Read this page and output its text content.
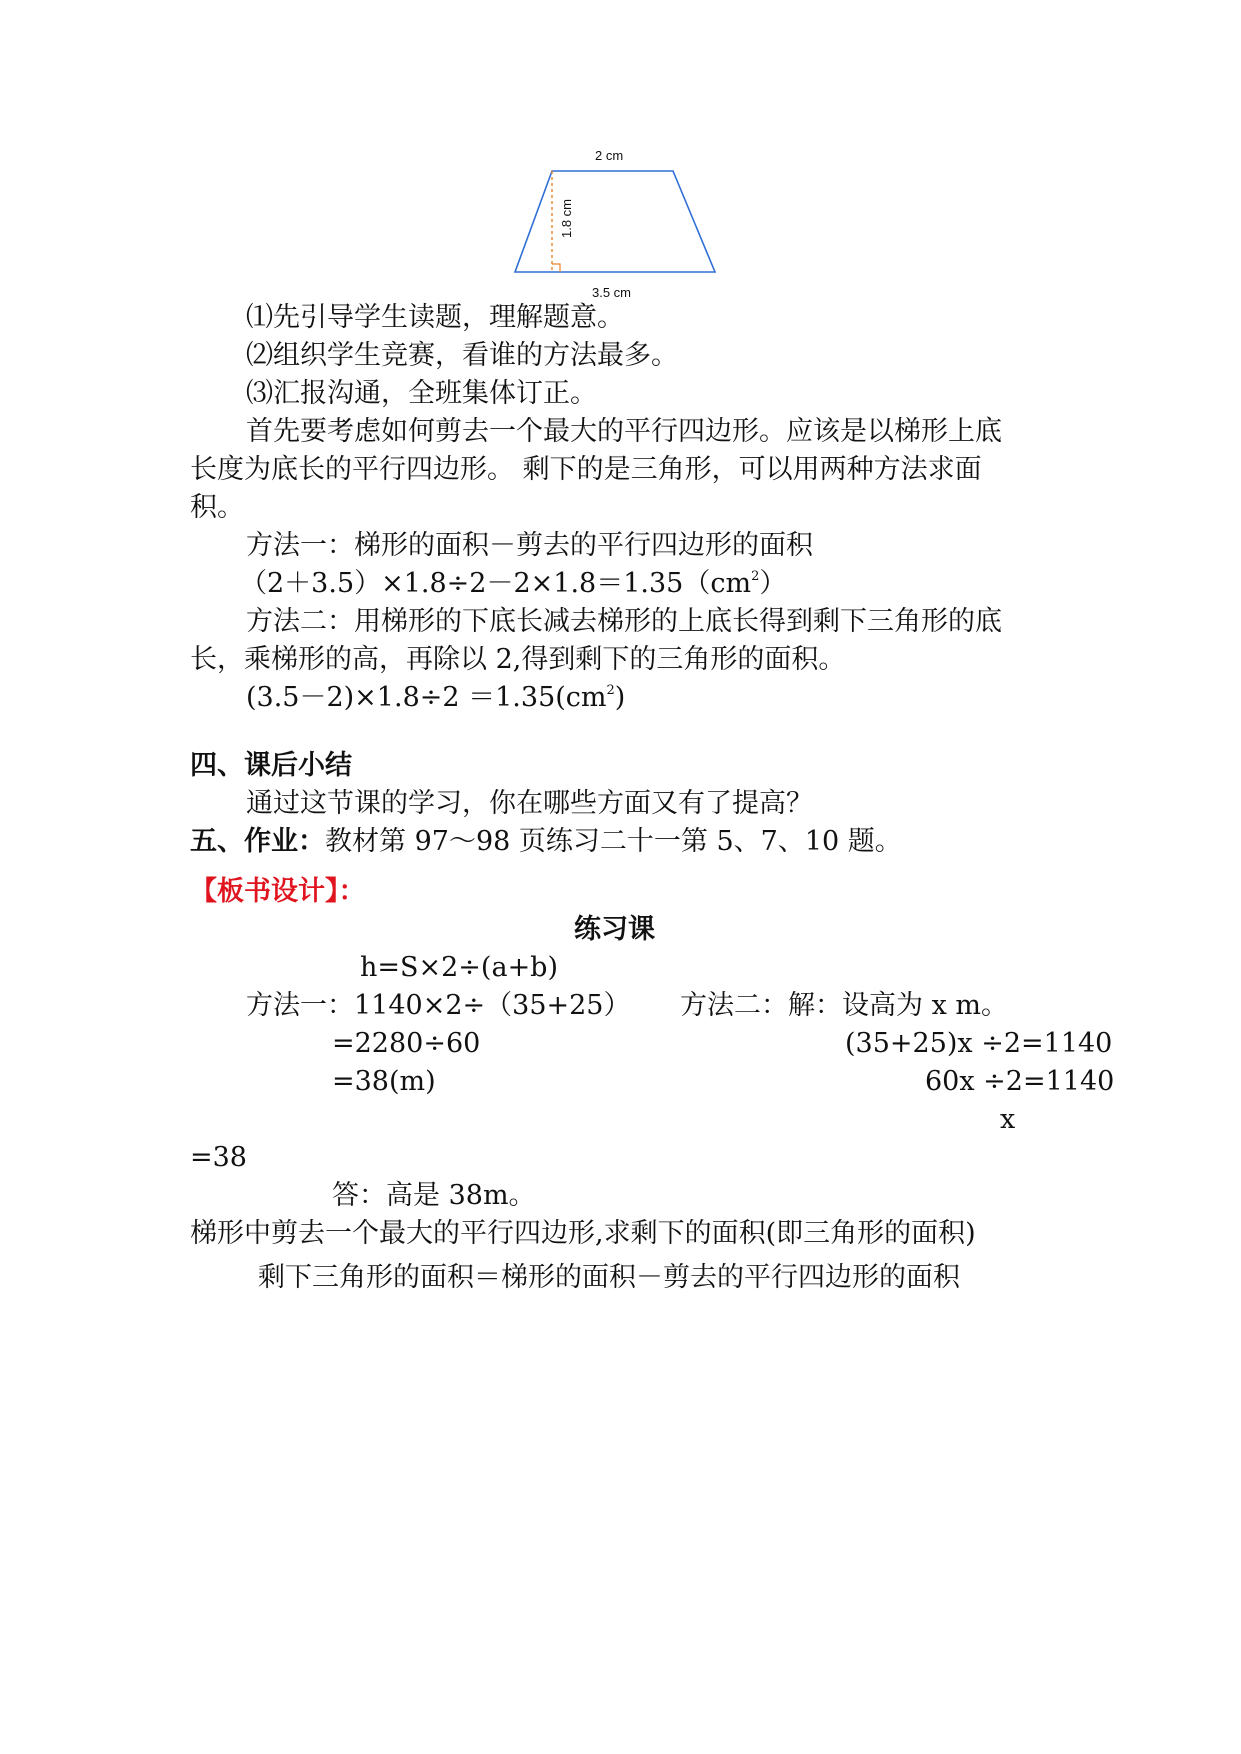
2 cm
1.8 cm
3.5 cm
⑴先引导学生读题，理解题意。
⑵组织学生竞赛，看谁的方法最多。
⑶汇报沟通，全班集体订正。
首先要考虑如何剪去一个最大的平行四边形。应该是以梯形上底
长度为底长的平行四边形。 剩下的是三角形，可以用两种方法求面
积。
方法一：梯形的面积－剪去的平行四边形的面积
$(2+3.5)\times 1.8\div 2-2\times 1.8=1.35(cm^2)$
方法二：用梯形的下底长减去梯形的上底长得到剩下三角形的底
长，乘梯形的高，再除以 2,得到剩下的三角形的面积。
$(3.5-2)\times 1.8\div 2 =1.35(cm^2)$
四、课后小结
通过这节课的学习，你在哪些方面又有了提高？
五、作业：教材第 97～98 页练习二十一第 5、7、10 题。
【板书设计】：
练习课
h=S×2÷(a+b)
方法一：1140×2÷（35+25）
=2280÷60
=38(m)
方法二：解：设高为 x m。
(35+25)x ÷2=1140
60x ÷2=1140
x
=38
答：高是 38m。
梯形中剪去一个最大的平行四边形,求剩下的面积(即三角形的面积)
剩下三角形的面积＝梯形的面积－剪去的平行四边形的面积
